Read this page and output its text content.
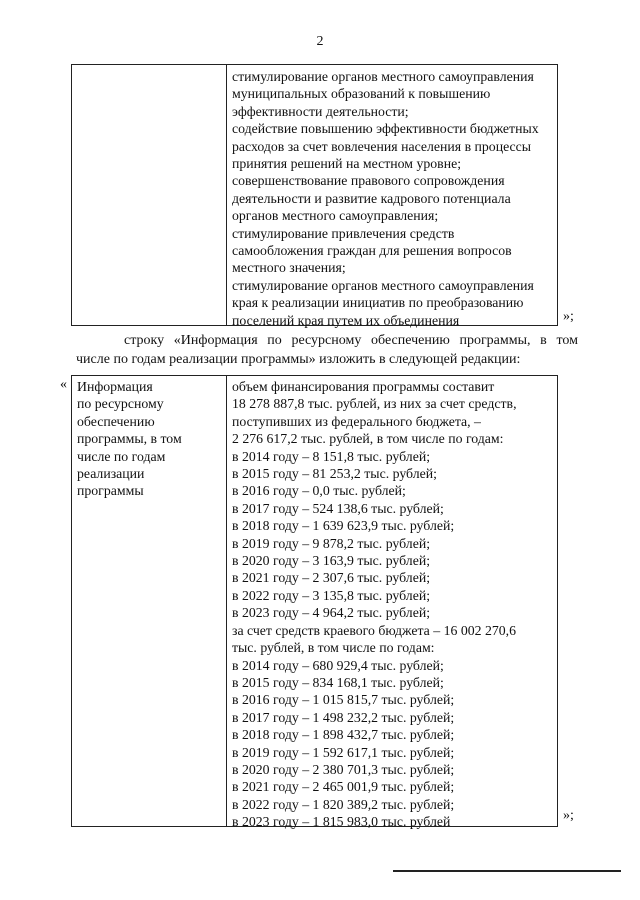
2
стимулирование органов местного самоуправления
муниципальных образований к повышению
эффективности деятельности;
содействие повышению эффективности бюджетных
расходов за счет вовлечения населения в процессы
принятия решений на местном уровне;
совершенствование правового сопровождения
деятельности и развитие кадрового потенциала
органов местного самоуправления;
стимулирование привлечения средств
самообложения граждан для решения вопросов
местного значения;
стимулирование органов местного самоуправления
края к реализации инициатив по преобразованию
поселений края путем их объединения	»;
строку «Информация по ресурсному обеспечению программы, в том
числе по годам реализации программы» изложить в следующей редакции:
« Информация
по ресурсному
обеспечению
программы, в том
числе по годам
реализации
программы
объем финансирования программы составит
18 278 887,8 тыс. рублей, из них за счет средств,
поступивших из федерального бюджета, –
2 276 617,2 тыс. рублей, в том числе по годам:
в 2014 году – 8 151,8 тыс. рублей;
в 2015 году – 81 253,2 тыс. рублей;
в 2016 году – 0,0 тыс. рублей;
в 2017 году – 524 138,6 тыс. рублей;
в 2018 году – 1 639 623,9 тыс. рублей;
в 2019 году – 9 878,2 тыс. рублей;
в 2020 году – 3 163,9 тыс. рублей;
в 2021 году – 2 307,6 тыс. рублей;
в 2022 году – 3 135,8 тыс. рублей;
в 2023 году – 4 964,2 тыс. рублей;
за счет средств краевого бюджета – 16 002 270,6
тыс. рублей, в том числе по годам:
в 2014 году – 680 929,4 тыс. рублей;
в 2015 году – 834 168,1 тыс. рублей;
в 2016 году – 1 015 815,7 тыс. рублей;
в 2017 году – 1 498 232,2 тыс. рублей;
в 2018 году – 1 898 432,7 тыс. рублей;
в 2019 году – 1 592 617,1 тыс. рублей;
в 2020 году – 2 380 701,3 тыс. рублей;
в 2021 году – 2 465 001,9 тыс. рублей;
в 2022 году – 1 820 389,2 тыс. рублей;
в 2023 году – 1 815 983,0 тыс. рублей	»;
